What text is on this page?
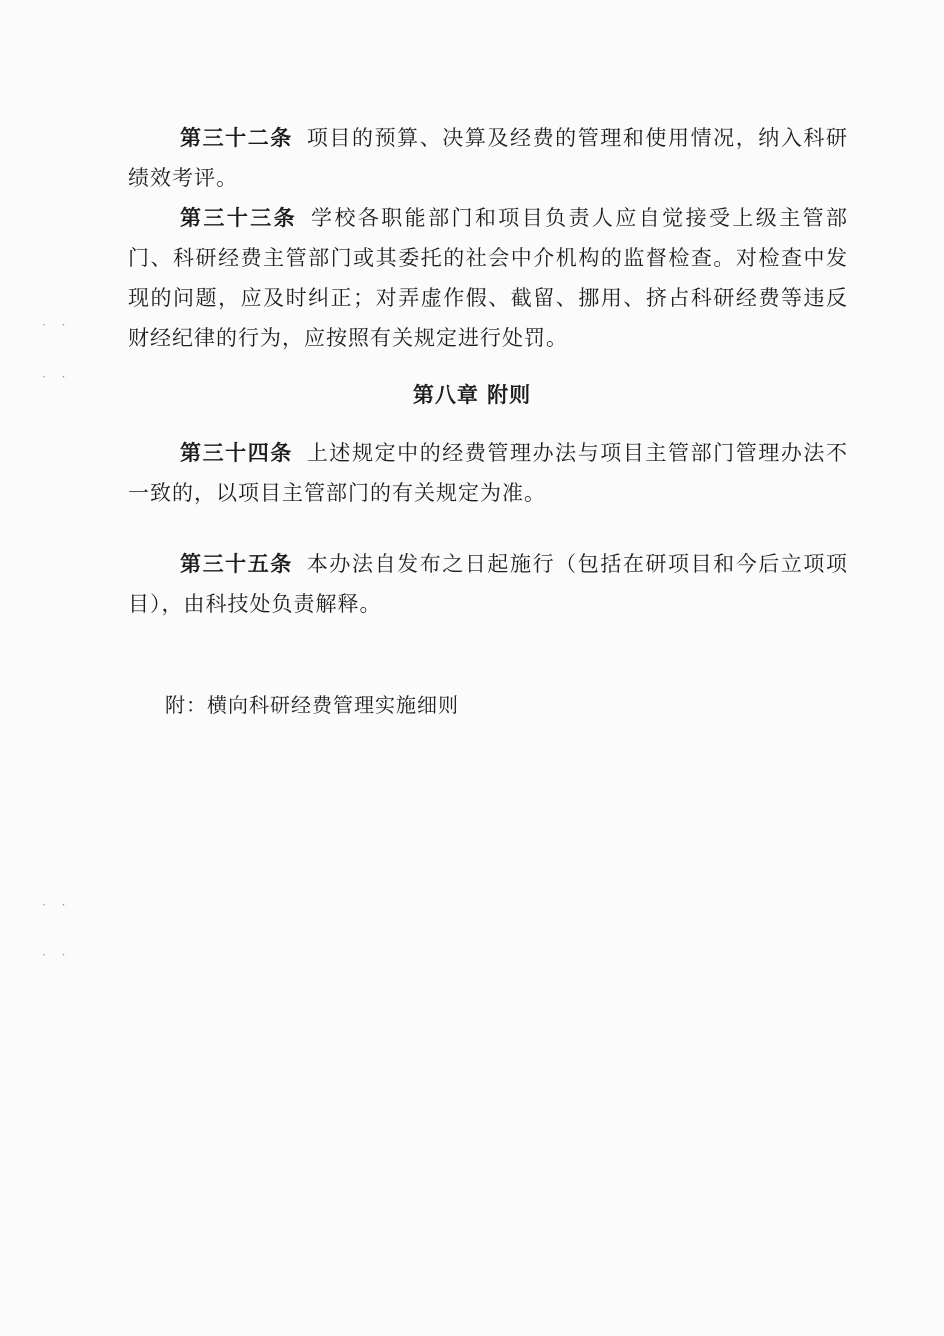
· ·
· ·
· ·
· ·
第三十二条 项目的预算、决算及经费的管理和使用情况，纳入科研绩效考评。
第三十三条 学校各职能部门和项目负责人应自觉接受上级主管部门、科研经费主管部门或其委托的社会中介机构的监督检查。对检查中发现的问题，应及时纠正；对弄虚作假、截留、挪用、挤占科研经费等违反财经纪律的行为，应按照有关规定进行处罚。
第八章 附则
第三十四条 上述规定中的经费管理办法与项目主管部门管理办法不一致的，以项目主管部门的有关规定为准。
第三十五条 本办法自发布之日起施行（包括在研项目和今后立项项目），由科技处负责解释。
附：横向科研经费管理实施细则
